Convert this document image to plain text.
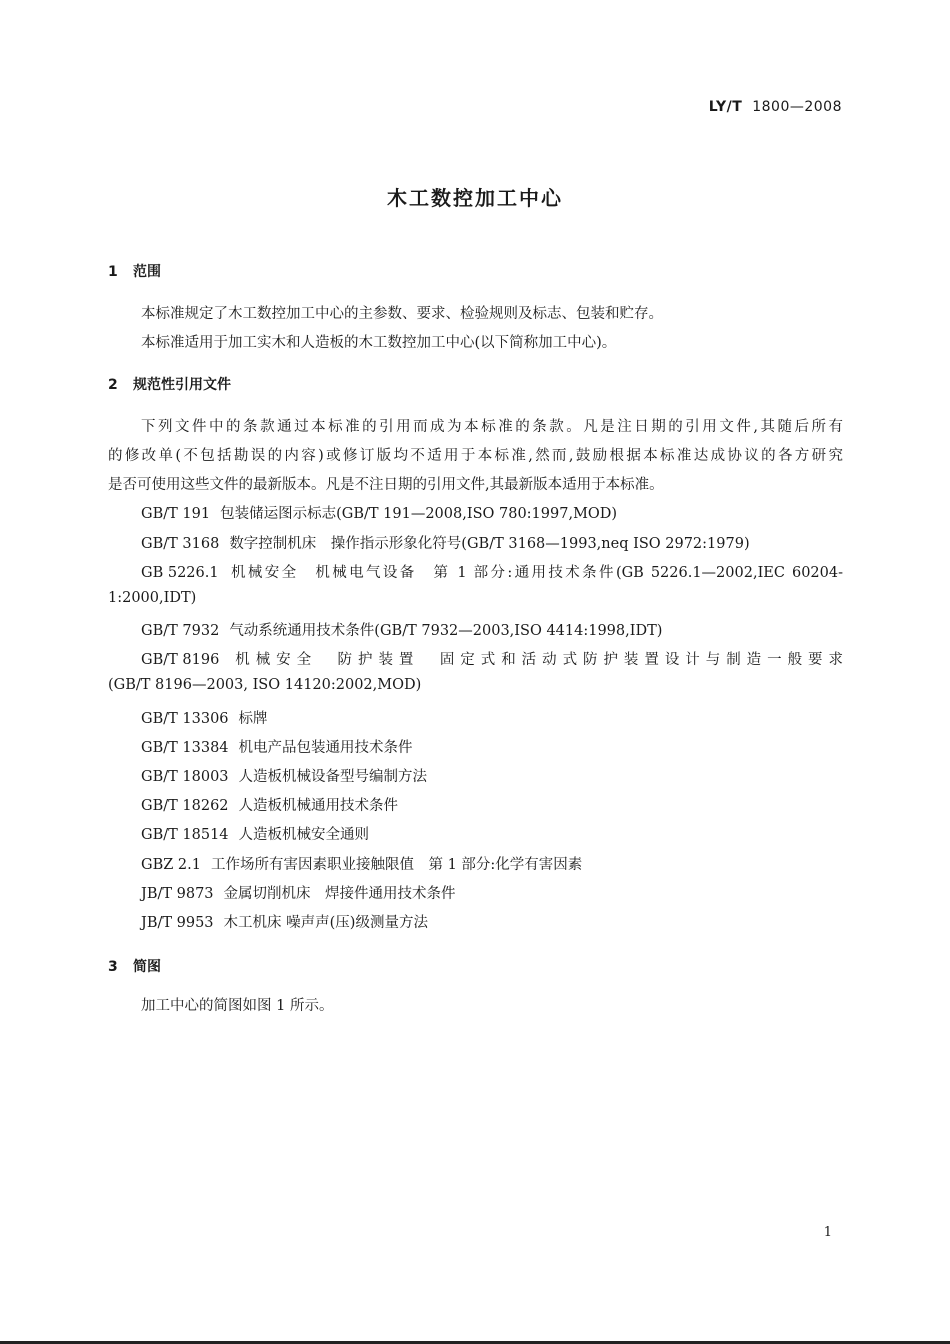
LY/T 1800—2008
木工数控加工中心
1 范围
本标准规定了木工数控加工中心的主参数、要求、检验规则及标志、包装和贮存。
本标准适用于加工实木和人造板的木工数控加工中心(以下简称加工中心)。
2 规范性引用文件
下列文件中的条款通过本标准的引用而成为本标准的条款。凡是注日期的引用文件,其随后所有
的修改单(不包括勘误的内容)或修订版均不适用于本标准,然而,鼓励根据本标准达成协议的各方研究
是否可使用这些文件的最新版本。凡是不注日期的引用文件,其最新版本适用于本标准。
GB/T 191 包装储运图示标志(GB/T 191—2008,ISO 780:1997,MOD)
GB/T 3168 数字控制机床　操作指示形象化符号(GB/T 3168—1993,neq ISO 2972:1979)
GB 5226.1 机械安全　机械电气设备　第 1 部分:通用技术条件(GB 5226.1—2002,IEC 60204-
1:2000,IDT)
GB/T 7932 气动系统通用技术条件(GB/T 7932—2003,ISO 4414:1998,IDT)
GB/T 8196 机械安全　防护装置　固定式和活动式防护装置设计与制造一般要求
(GB/T 8196—2003, ISO 14120:2002,MOD)
GB/T 13306 标牌
GB/T 13384 机电产品包装通用技术条件
GB/T 18003 人造板机械设备型号编制方法
GB/T 18262 人造板机械通用技术条件
GB/T 18514 人造板机械安全通则
GBZ 2.1 工作场所有害因素职业接触限值　第 1 部分:化学有害因素
JB/T 9873 金属切削机床　焊接件通用技术条件
JB/T 9953 木工机床 噪声声(压)级测量方法
3 简图
加工中心的简图如图 1 所示。
1
